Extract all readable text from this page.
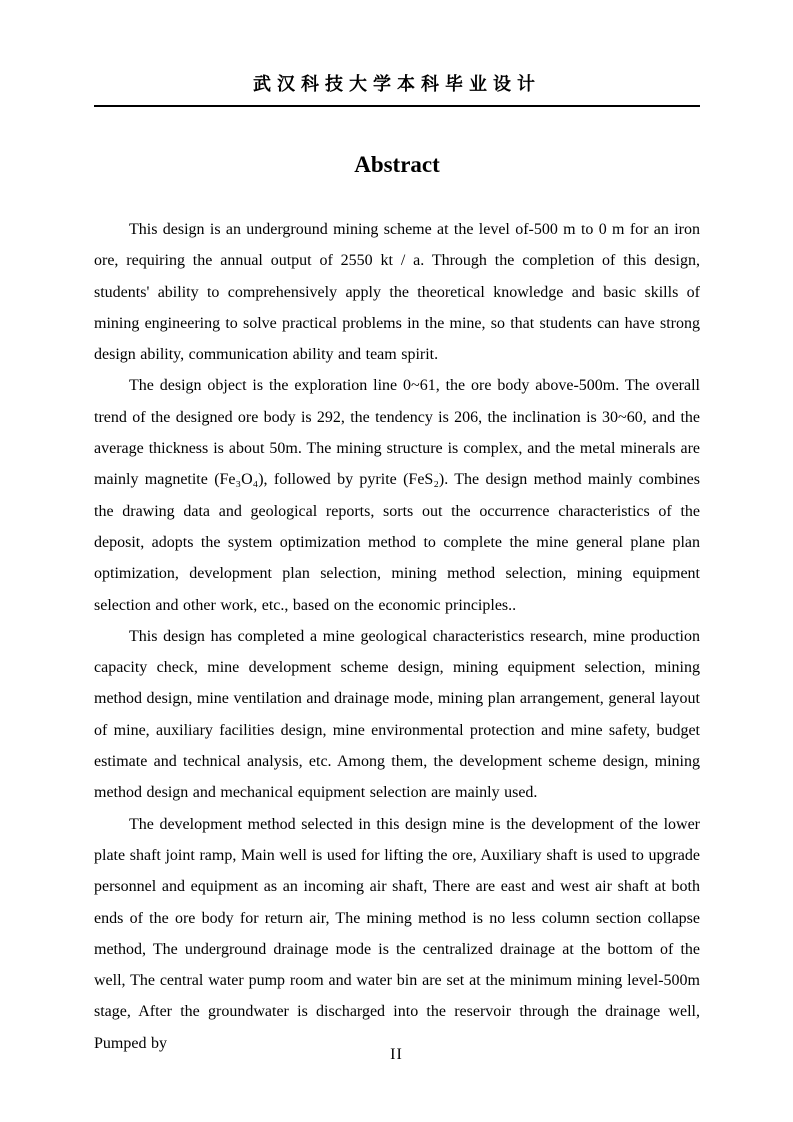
武汉科技大学本科毕业设计
Abstract

This design is an underground mining scheme at the level of-500 m to 0 m for an iron ore, requiring the annual output of 2550 kt / a. Through the completion of this design, students' ability to comprehensively apply the theoretical knowledge and basic skills of mining engineering to solve practical problems in the mine, so that students can have strong design ability, communication ability and team spirit.

The design object is the exploration line 0~61, the ore body above-500m. The overall trend of the designed ore body is 292, the tendency is 206, the inclination is 30~60, and the average thickness is about 50m. The mining structure is complex, and the metal minerals are mainly magnetite (Fe₃O₄), followed by pyrite (FeS₂). The design method mainly combines the drawing data and geological reports, sorts out the occurrence characteristics of the deposit, adopts the system optimization method to complete the mine general plane plan optimization, development plan selection, mining method selection, mining equipment selection and other work, etc., based on the economic principles..

This design has completed a mine geological characteristics research, mine production capacity check, mine development scheme design, mining equipment selection, mining method design, mine ventilation and drainage mode, mining plan arrangement, general layout of mine, auxiliary facilities design, mine environmental protection and mine safety, budget estimate and technical analysis, etc. Among them, the development scheme design, mining method design and mechanical equipment selection are mainly used.

The development method selected in this design mine is the development of the lower plate shaft joint ramp, Main well is used for lifting the ore, Auxiliary shaft is used to upgrade personnel and equipment as an incoming air shaft, There are east and west air shaft at both ends of the ore body for return air, The mining method is no less column section collapse method, The underground drainage mode is the centralized drainage at the bottom of the well, The central water pump room and water bin are set at the minimum mining level-500m stage, After the groundwater is discharged into the reservoir through the drainage well, Pumped by

II
